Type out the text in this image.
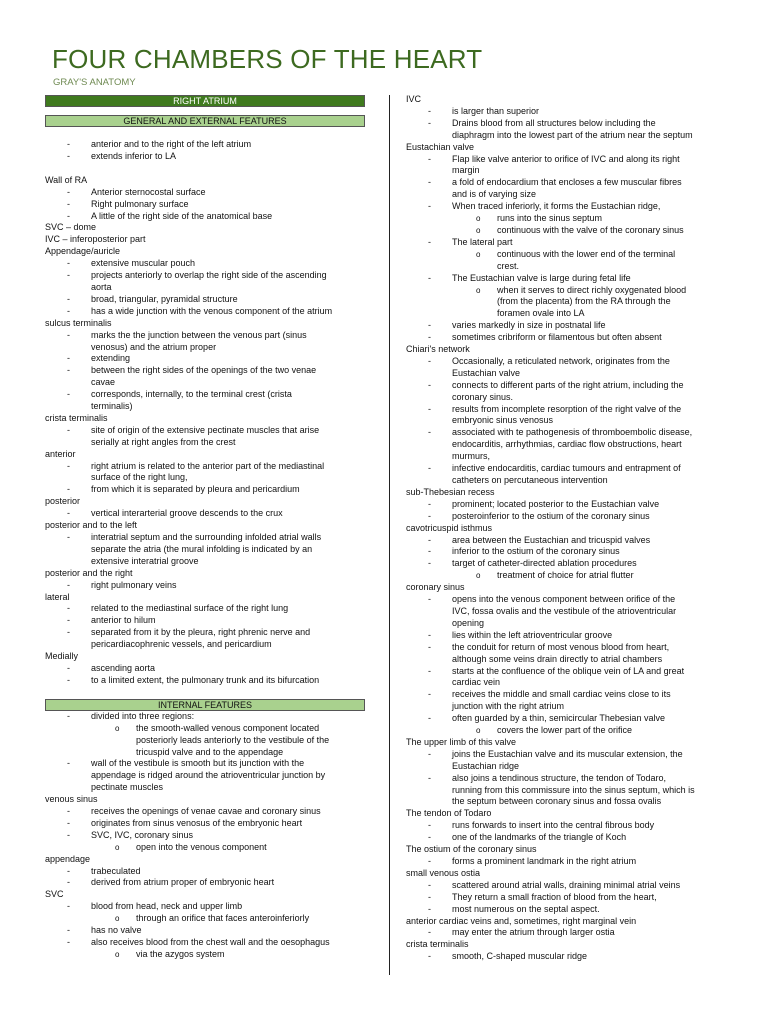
FOUR CHAMBERS OF THE HEART

GRAY'S ANATOMY

RIGHT ATRIUM
GENERAL AND EXTERNAL FEATURES
- anterior and to the right of the left atrium
- extends inferior to LA
Wall of RA
- Anterior sternocostal surface
- Right pulmonary surface
- A little of the right side of the anatomical base
SVC – dome
IVC – inferoposterior part
Appendage/auricle
- extensive muscular pouch
- projects anteriorly to overlap the right side of the ascending
aorta
- broad, triangular, pyramidal structure
- has a wide junction with the venous component of the atrium
sulcus terminalis
- marks the the junction between the venous part (sinus
venosus) and the atrium proper
- extending
- between the right sides of the openings of the two venae
cavae
- corresponds, internally, to the terminal crest (crista
terminalis)
crista terminalis
- site of origin of the extensive pectinate muscles that arise
serially at right angles from the crest
anterior
- right atrium is related to the anterior part of the mediastinal
surface of the right lung,
- from which it is separated by pleura and pericardium
posterior
- vertical interarterial groove descends to the crux
posterior and to the left
- interatrial septum and the surrounding infolded atrial walls
separate the atria (the mural infolding is indicated by an
extensive interatrial groove
posterior and the right
- right pulmonary veins
lateral
- related to the mediastinal surface of the right lung
- anterior to hilum
- separated from it by the pleura, right phrenic nerve and
pericardiacophrenic vessels, and pericardium
Medially
- ascending aorta
- to a limited extent, the pulmonary trunk and its bifurcation
INTERNAL FEATURES
- divided into three regions:
o the smooth-walled venous component located
posteriorly leads anteriorly to the vestibule of the
tricuspid valve and to the appendage
- wall of the vestibule is smooth but its junction with the
appendage is ridged around the atrioventricular junction by
pectinate muscles
venous sinus
- receives the openings of venae cavae and coronary sinus
- originates from sinus venosus of the embryonic heart
- SVC, IVC, coronary sinus
o open into the venous component
appendage
- trabeculated
- derived from atrium proper of embryonic heart
SVC
- blood from head, neck and upper limb
o through an orifice that faces anteroinferiorly
- has no valve
- also receives blood from the chest wall and the oesophagus
o via the azygos system
IVC
- is larger than superior
- Drains blood from all structures below including the
diaphragm into the lowest part of the atrium near the septum
Eustachian valve
- Flap like valve anterior to orifice of IVC and along its right
margin
- a fold of endocardium that encloses a few muscular fibres
and is of varying size
- When traced inferiorly, it forms the Eustachian ridge,
o runs into the sinus septum
o continuous with the valve of the coronary sinus
- The lateral part
o continuous with the lower end of the terminal
crest.
- The Eustachian valve is large during fetal life
o when it serves to direct richly oxygenated blood
(from the placenta) from the RA through the
foramen ovale into LA
- varies markedly in size in postnatal life
- sometimes cribriform or filamentous but often absent
Chiari's network
- Occasionally, a reticulated network, originates from the
Eustachian valve
- connects to different parts of the right atrium, including the
coronary sinus.
- results from incomplete resorption of the right valve of the
embryonic sinus venosus
- associated with te pathogenesis of thromboembolic disease,
endocarditis, arrhythmias, cardiac flow obstructions, heart
murmurs,
- infective endocarditis, cardiac tumours and entrapment of
catheters on percutaneous intervention
sub-Thebesian recess
- prominent; located posterior to the Eustachian valve
- posteroinferior to the ostium of the coronary sinus
cavotricuspid isthmus
- area between the Eustachian and tricuspid valves
- inferior to the ostium of the coronary sinus
- target of catheter-directed ablation procedures
o treatment of choice for atrial flutter
coronary sinus
- opens into the venous component between orifice of the
IVC, fossa ovalis and the vestibule of the atrioventricular
opening
- lies within the left atrioventricular groove
- the conduit for return of most venous blood from heart,
although some veins drain directly to atrial chambers
- starts at the confluence of the oblique vein of LA and great
cardiac vein
- receives the middle and small cardiac veins close to its
junction with the right atrium
- often guarded by a thin, semicircular Thebesian valve
o covers the lower part of the orifice
The upper limb of this valve
- joins the Eustachian valve and its muscular extension, the
Eustachian ridge
- also joins a tendinous structure, the tendon of Todaro,
running from this commissure into the sinus septum, which is
the septum between coronary sinus and fossa ovalis
The tendon of Todaro
- runs forwards to insert into the central fibrous body
- one of the landmarks of the triangle of Koch
The ostium of the coronary sinus
- forms a prominent landmark in the right atrium
small venous ostia
- scattered around atrial walls, draining minimal atrial veins
- They return a small fraction of blood from the heart,
- most numerous on the septal aspect.
anterior cardiac veins and, sometimes, right marginal vein
- may enter the atrium through larger ostia
crista terminalis
- smooth, C-shaped muscular ridge
